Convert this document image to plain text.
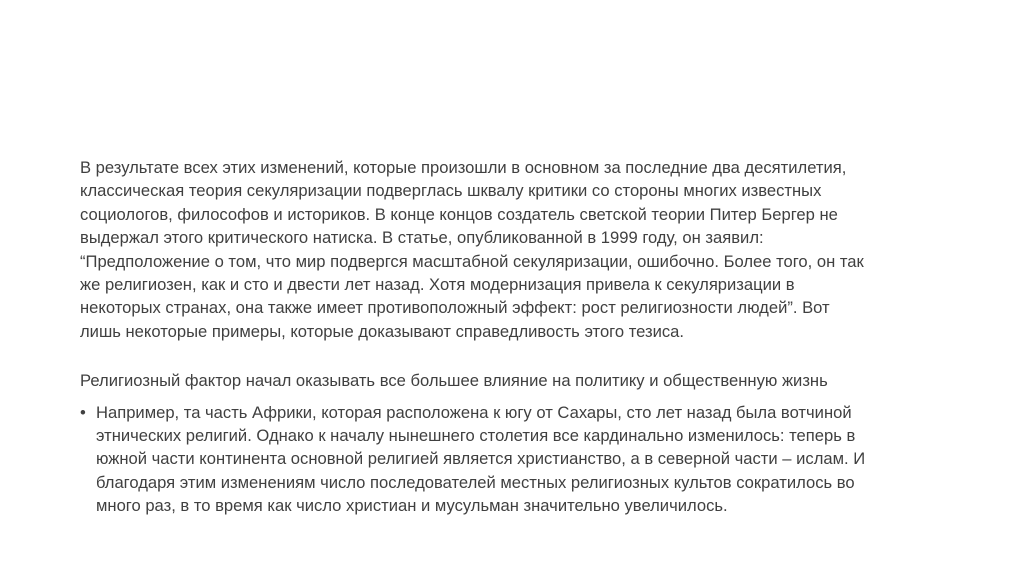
В результате всех этих изменений, которые произошли в основном за последние два десятилетия,
классическая теория секуляризации подверглась шквалу критики со стороны многих известных
социологов, философов и историков. В конце концов создатель светской теории Питер Бергер не
выдержал этого критического натиска. В статье, опубликованной в 1999 году, он заявил:
“Предположение о том, что мир подвергся масштабной секуляризации, ошибочно. Более того, он так
же религиозен, как и сто и двести лет назад. Хотя модернизация привела к секуляризации в
некоторых странах, она также имеет противоположный эффект: рост религиозности людей”. Вот
лишь некоторые примеры, которые доказывают справедливость этого тезиса.

Религиозный фактор начал оказывать все большее влияние на политику и общественную жизнь

• Например, та часть Африки, которая расположена к югу от Сахары, сто лет назад была вотчиной
этнических религий. Однако к началу нынешнего столетия все кардинально изменилось: теперь в
южной части континента основной религией является христианство, а в северной части – ислам. И
благодаря этим изменениям число последователей местных религиозных культов сократилось во
много раз, в то время как число христиан и мусульман значительно увеличилось.
